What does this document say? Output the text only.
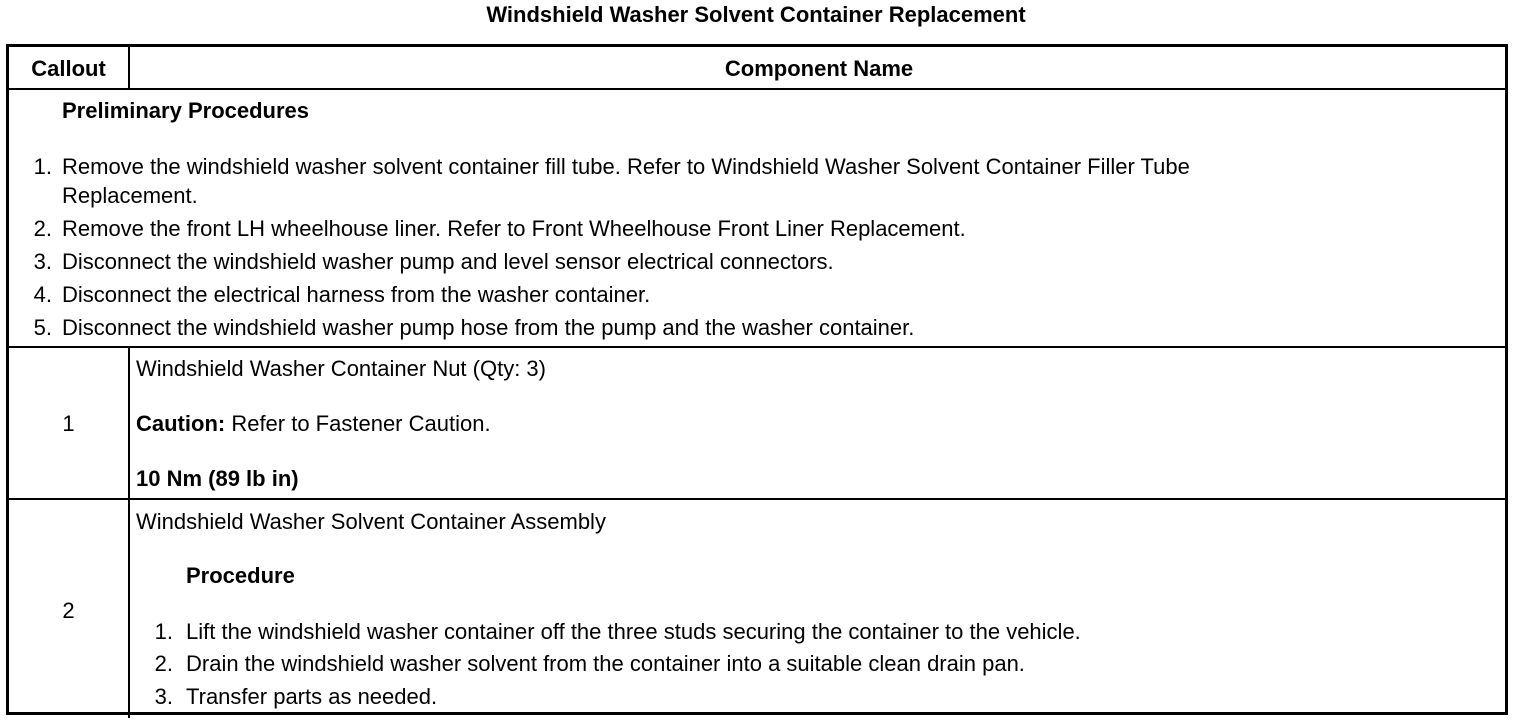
Windshield Washer Solvent Container Replacement
Callout	Component Name
Preliminary Procedures
1. Remove the windshield washer solvent container fill tube. Refer to Windshield Washer Solvent Container Filler Tube
Replacement.
2. Remove the front LH wheelhouse liner. Refer to Front Wheelhouse Front Liner Replacement.
3. Disconnect the windshield washer pump and level sensor electrical connectors.
4. Disconnect the electrical harness from the washer container.
5. Disconnect the windshield washer pump hose from the pump and the washer container.
1
Windshield Washer Container Nut (Qty: 3)
Caution: Refer to Fastener Caution.
10 Nm (89 lb in)
2
Windshield Washer Solvent Container Assembly
Procedure
1. Lift the windshield washer container off the three studs securing the container to the vehicle.
2. Drain the windshield washer solvent from the container into a suitable clean drain pan.
3. Transfer parts as needed.
